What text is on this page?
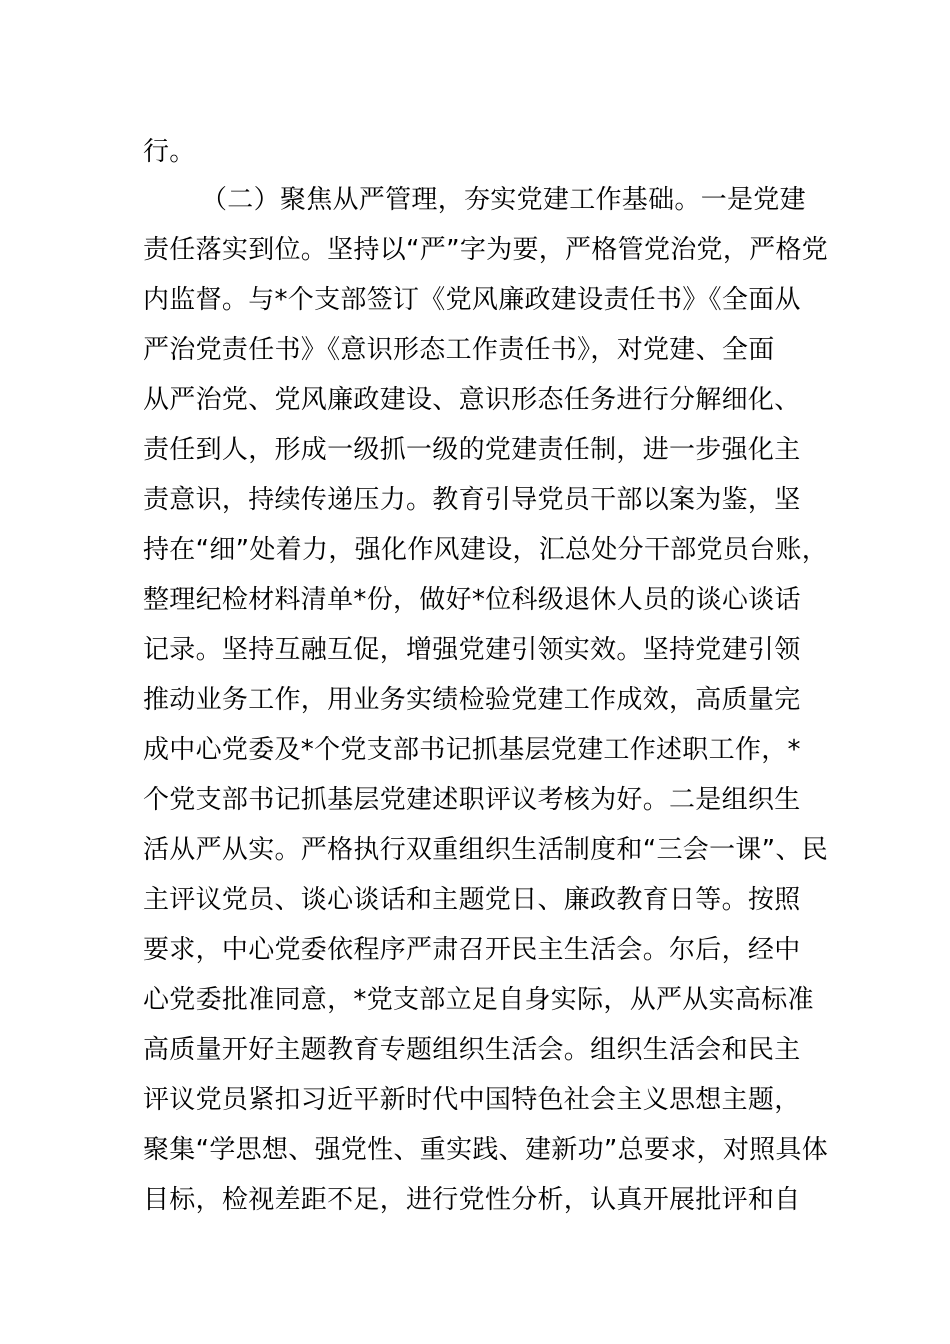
行。
（二）聚焦从严管理，夯实党建工作基础。一是党建
责任落实到位。坚持以“严”字为要，严格管党治党，严格党
内监督。与*个支部签订《党风廉政建设责任书》《全面从
严治党责任书》《意识形态工作责任书》，对党建、全面
从严治党、党风廉政建设、意识形态任务进行分解细化、
责任到人，形成一级抓一级的党建责任制，进一步强化主
责意识，持续传递压力。教育引导党员干部以案为鉴，坚
持在“细”处着力，强化作风建设，汇总处分干部党员台账，
整理纪检材料清单*份，做好*位科级退休人员的谈心谈话
记录。坚持互融互促，增强党建引领实效。坚持党建引领
推动业务工作，用业务实绩检验党建工作成效，高质量完
成中心党委及*个党支部书记抓基层党建工作述职工作，*
个党支部书记抓基层党建述职评议考核为好。二是组织生
活从严从实。严格执行双重组织生活制度和“三会一课”、民
主评议党员、谈心谈话和主题党日、廉政教育日等。按照
要求，中心党委依程序严肃召开民主生活会。尔后，经中
心党委批准同意，*党支部立足自身实际，从严从实高标准
高质量开好主题教育专题组织生活会。组织生活会和民主
评议党员紧扣习近平新时代中国特色社会主义思想主题，
聚集“学思想、强党性、重实践、建新功”总要求，对照具体
目标，检视差距不足，进行党性分析，认真开展批评和自
